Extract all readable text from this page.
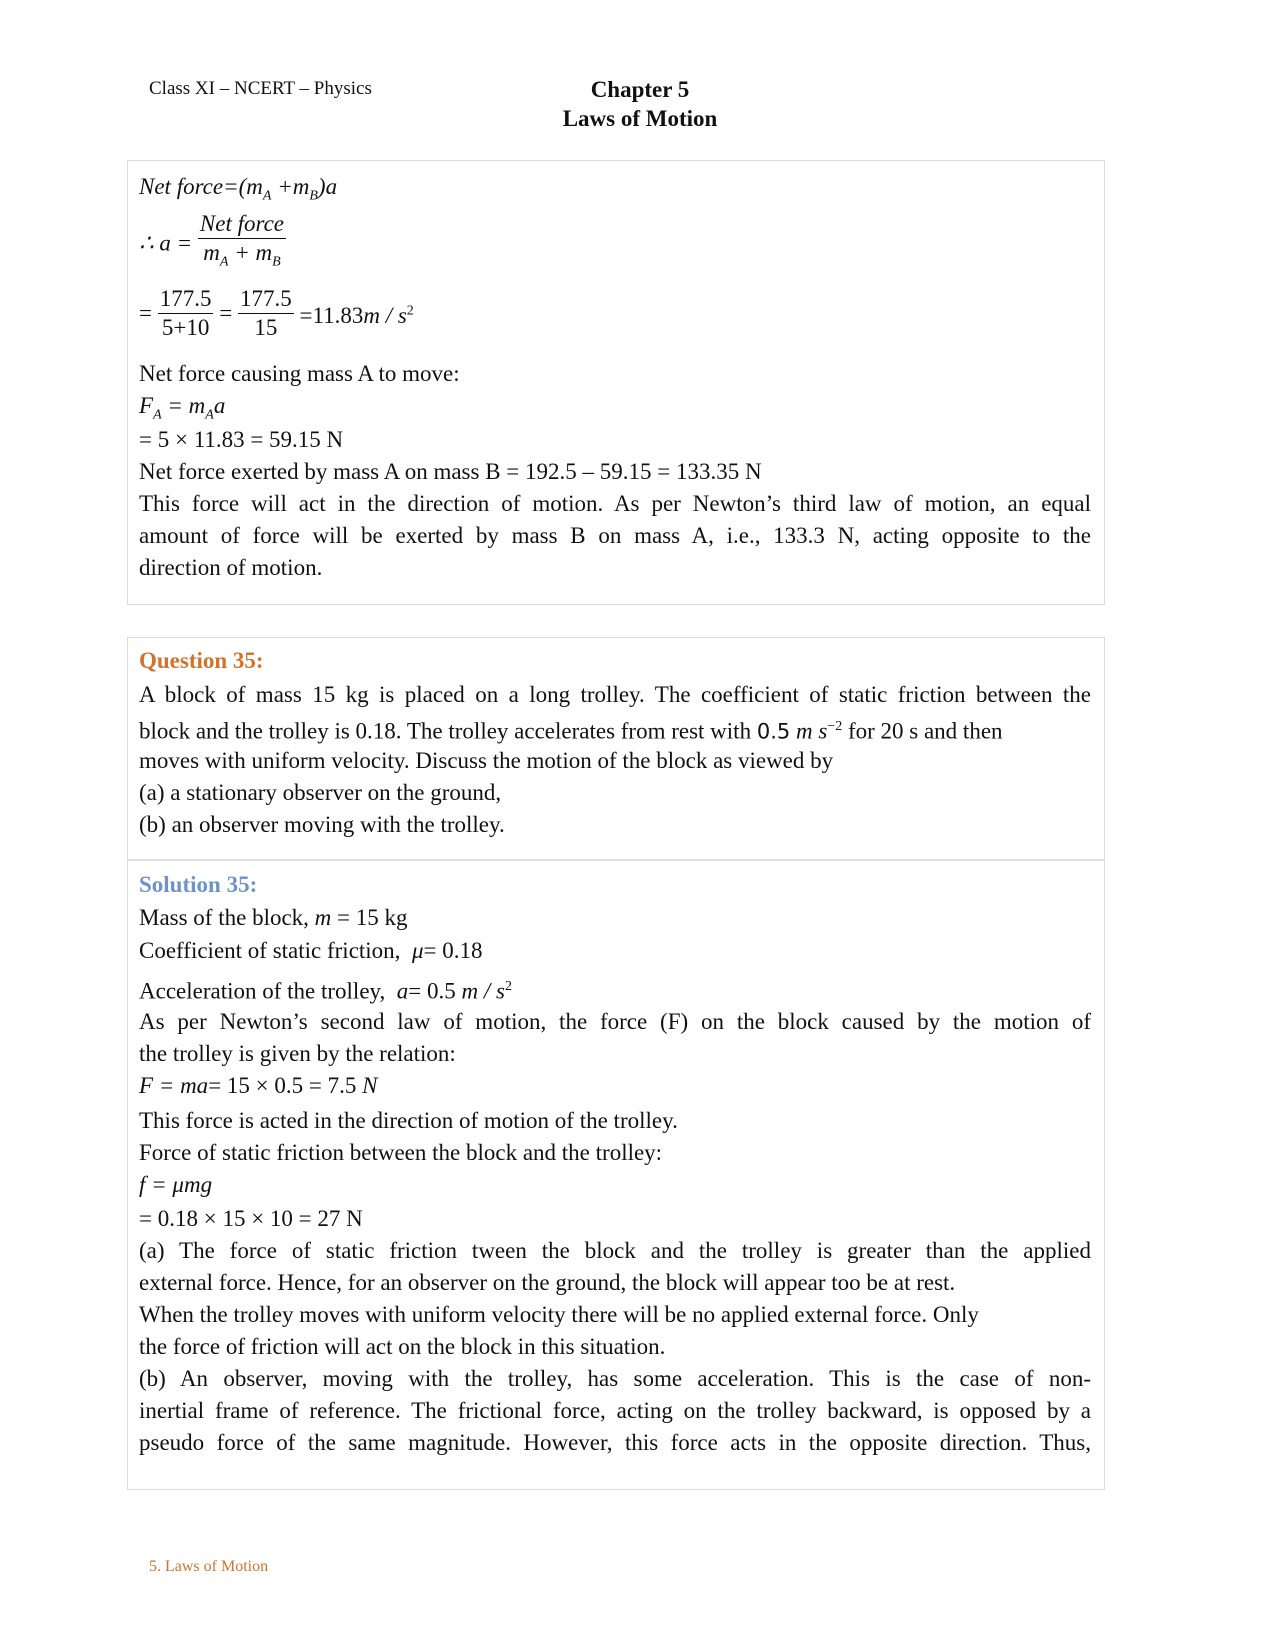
Class XI – NCERT – Physics	Chapter 5
Laws of Motion
Net $force=(m_A +m_B)a$
∴ $a = \frac{\text{Net force}}{m_A + m_B}$
= $\frac{177.5}{5+10} = \frac{177.5}{15} =11.83m / s^2$
Net force causing mass A to move:
$F_A = m_Aa$
= 5 × 11.83 = 59.15 N
Net force exerted by mass A on mass B = 192.5 – 59.15 = 133.35 N
This force will act in the direction of motion. As per Newton’s third law of motion, an equal
amount of force will be exerted by mass B on mass A, i.e., 133.3 N, acting opposite to the
direction of motion.
Question 35:
A block of mass 15 kg is placed on a long trolley. The coefficient of static friction between the
block and the trolley is 0.18. The trolley accelerates from rest with 0.5 m $s^{-2}$ for 20 s and then
moves with uniform velocity. Discuss the motion of the block as viewed by
(a) a stationary observer on the ground,
(b) an observer moving with the trolley.
Solution 35:
Mass of the block, m = 15 kg
Coefficient of static friction, μ= 0.18
Acceleration of the trolley, a= 0.5 m / $s^2$
As per Newton’s second law of motion, the force (F) on the block caused by the motion of
the trolley is given by the relation:
F = ma= 15 × 0.5 = 7.5 N
This force is acted in the direction of motion of the trolley.
Force of static friction between the block and the trolley:
f = μmg
= 0.18 × 15 × 10 = 27 N
(a) The force of static friction tween the block and the trolley is greater than the applied
external force. Hence, for an observer on the ground, the block will appear too be at rest.
When the trolley moves with uniform velocity there will be no applied external force. Only
the force of friction will act on the block in this situation.
(b) An observer, moving with the trolley, has some acceleration. This is the case of non-
inertial frame of reference. The frictional force, acting on the trolley backward, is opposed by a
pseudo force of the same magnitude. However, this force acts in the opposite direction. Thus,
5. Laws of Motion
